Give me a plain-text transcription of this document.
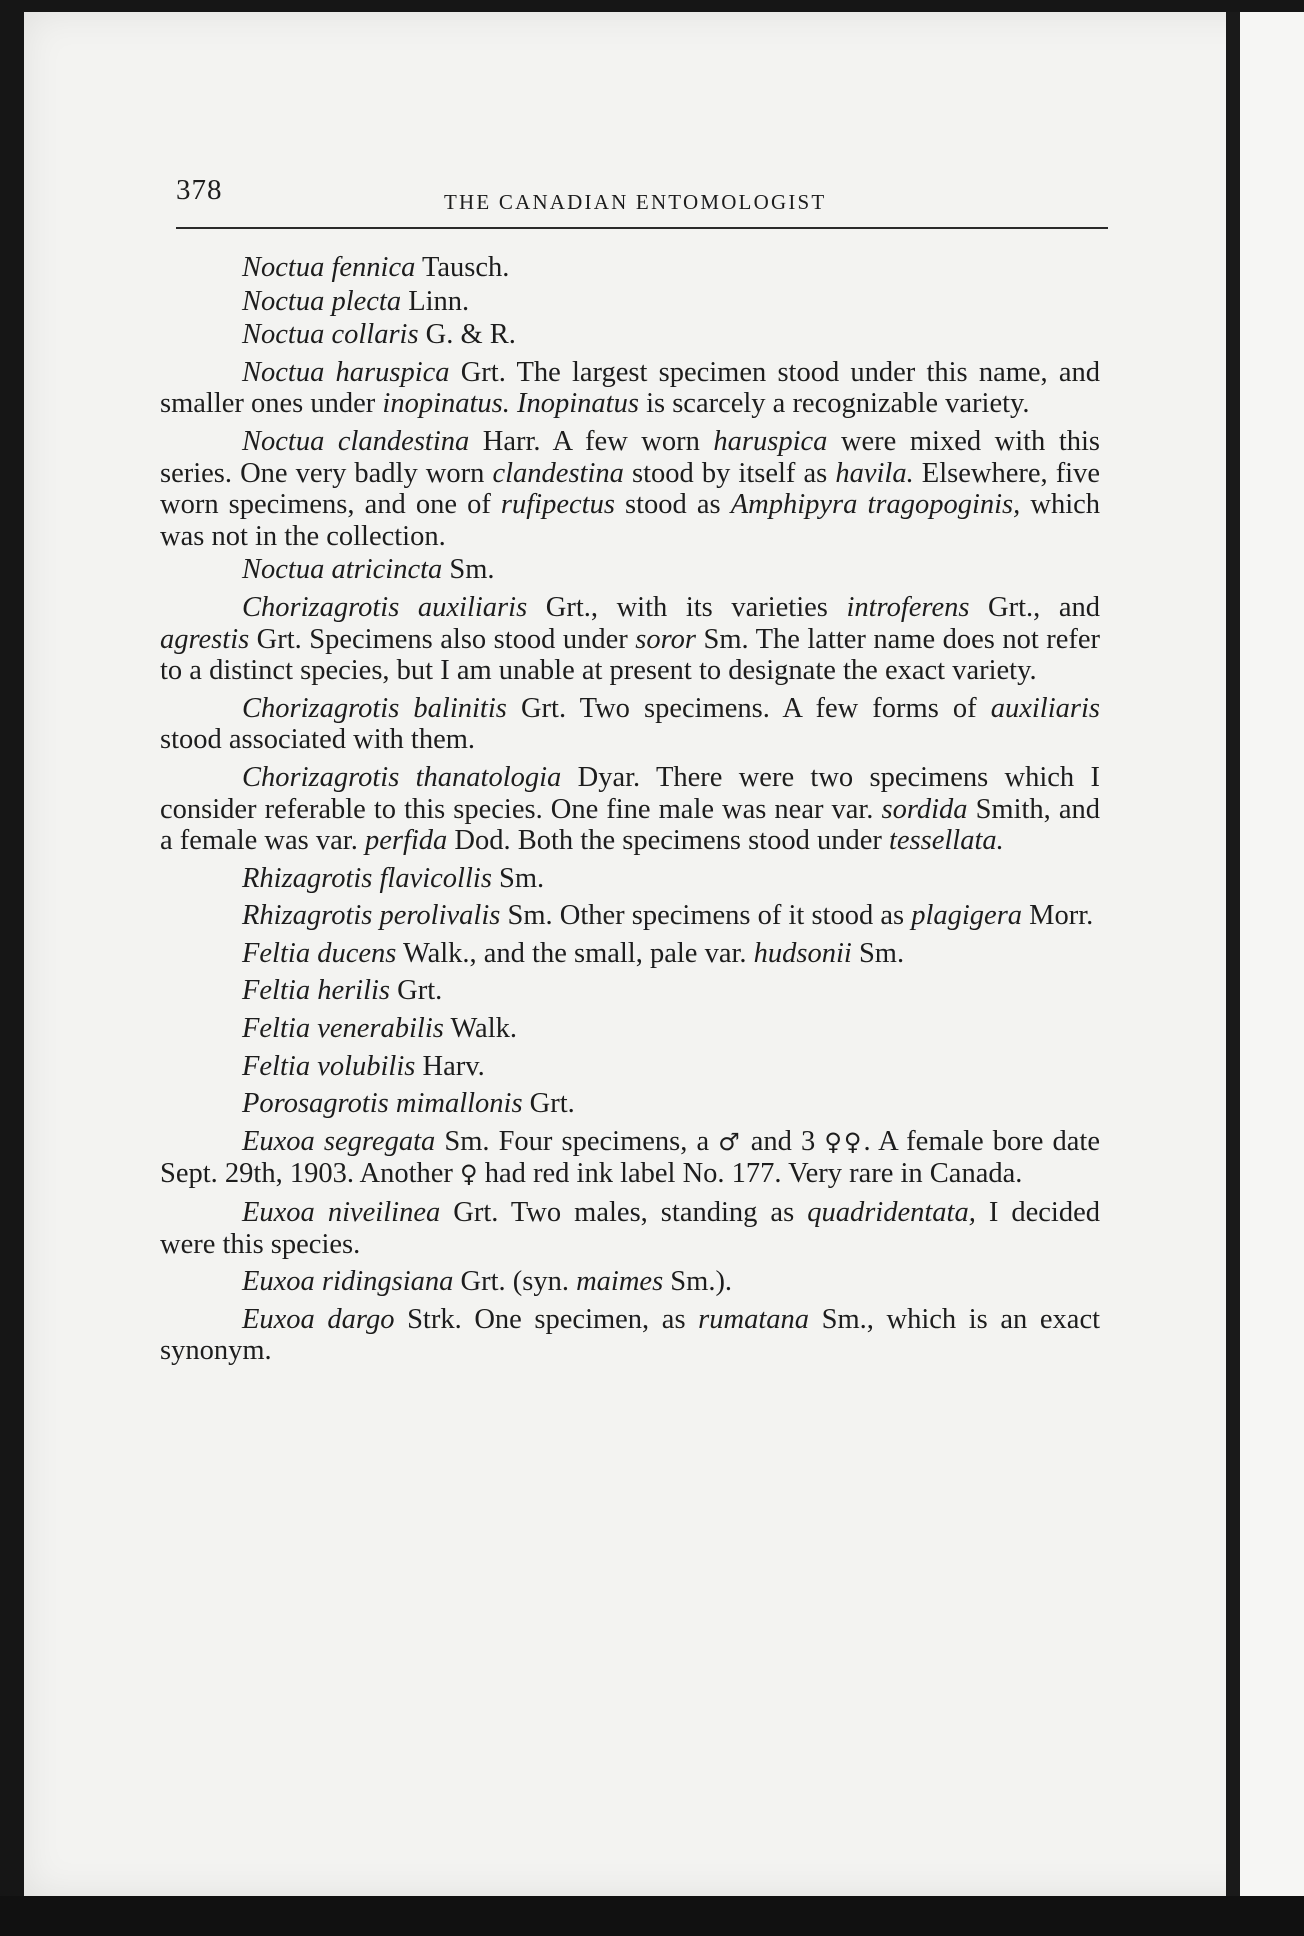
378	THE CANADIAN ENTOMOLOGIST

Noctua fennica Tausch.

Noctua plecta Linn.

Noctua collaris G. & R.

Noctua haruspica Grt. The largest specimen stood under this name, and smaller ones under inopinatus. Inopinatus is scarcely a recognizable variety.

Noctua clandestina Harr. A few worn haruspica were mixed with this series. One very badly worn clandestina stood by itself as havila. Elsewhere, five worn specimens, and one of rufipectus stood as Amphipyra tragopoginis, which was not in the collection.

Noctua atricincta Sm.

Chorizagrotis auxiliaris Grt., with its varieties introferens Grt., and agrestis Grt. Specimens also stood under soror Sm. The latter name does not refer to a distinct species, but I am unable at present to designate the exact variety.

Chorizagrotis balinitis Grt. Two specimens. A few forms of auxiliaris stood associated with them.

Chorizagrotis thanatologia Dyar. There were two specimens which I consider referable to this species. One fine male was near var. sordida Smith, and a female was var. perfida Dod. Both the specimens stood under tessellata.

Rhizagrotis flavicollis Sm.

Rhizagrotis perolivalis Sm. Other specimens of it stood as plagigera Morr.

Feltia ducens Walk., and the small, pale var. hudsonii Sm.

Feltia herilis Grt.

Feltia venerabilis Walk.

Feltia volubilis Harv.

Porosagrotis mimallonis Grt.

Euxoa segregata Sm. Four specimens, a ♂ and 3 ♀♀. A female bore date Sept. 29th, 1903. Another ♀ had red ink label No. 177. Very rare in Canada.

Euxoa niveilinea Grt. Two males, standing as quadridentata, I decided were this species.

Euxoa ridingsiana Grt. (syn. maimes Sm.).

Euxoa dargo Strk. One specimen, as rumatana Sm., which is an exact synonym.
